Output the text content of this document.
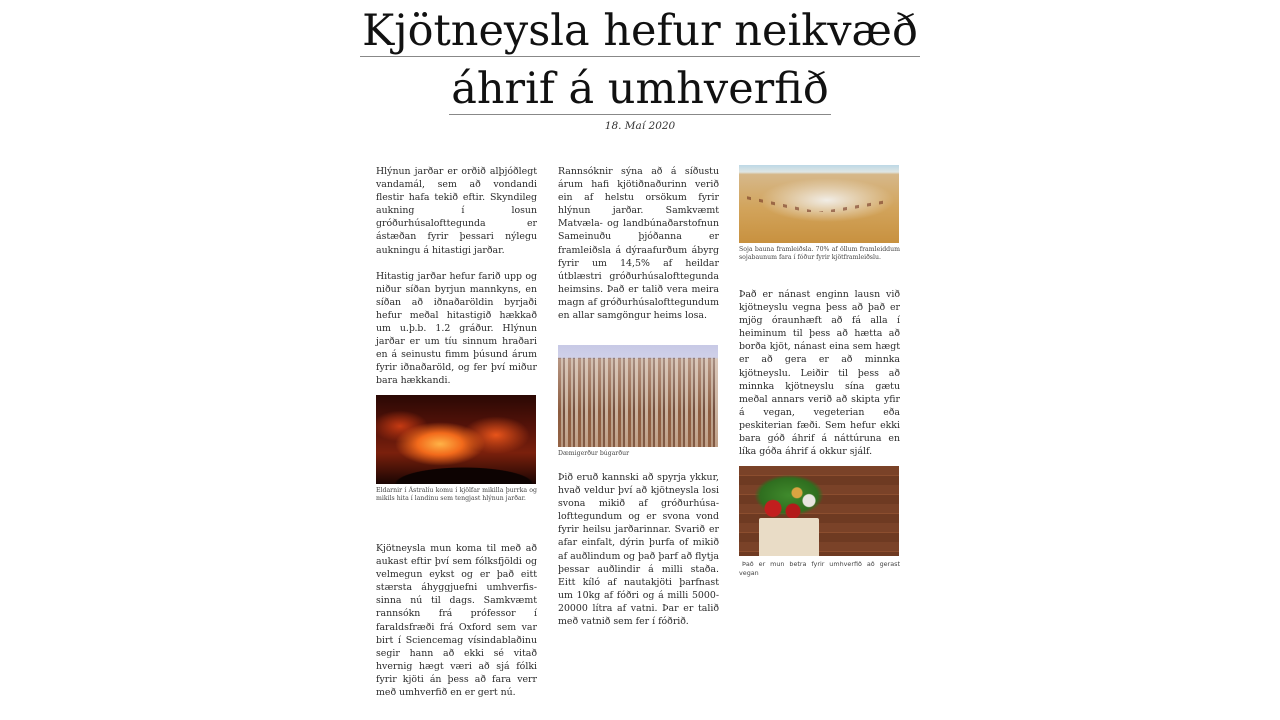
Kjötneysla hefur neikvæð
áhrif á umhverfið
18. Maí 2020

Hlýnun jarðar er orðið alþjóðlegt vandamál, sem að vondandi flestir hafa tekið eftir. Skyndileg aukning í losun gróðurhúsalofttegunda er ástæðan fyrir þessari nýlegu aukningu á hitastigi jarðar.

Hitastig jarðar hefur farið upp og niður síðan byrjun mannkyns, en síðan að iðnaðaröldin byrjaði hefur meðal hitastigið hækkað um u.þ.b. 1.2 gráður. Hlýnun jarðar er um tíu sinnum hraðari en á seinustu fimm þúsund árum fyrir iðnaðaröld, og fer því miður bara hækkandi.

Eldarnir í Ástralíu komu í kjölfar mikilla þurrka og mikils hita í landinu sem tengjast hlýnun jarðar.

Kjötneysla mun koma til með að aukast eftir því sem fólksfjöldi og velmegun eykst og er það eitt stærsta áhyggjuefni umhverfis-sinna nú til dags. Samkvæmt rannsókn frá prófessor í faraldsfræði frá Oxford sem var birt í Sciencemag vísindablaðinu segir hann að ekki sé vitað hvernig hægt væri að sjá fólki fyrir kjöti án þess að fara verr með umhverfið en er gert nú.

Rannsóknir sýna að á síðustu árum hafi kjötiðnaðurinn verið ein af helstu orsökum fyrir hlýnun jarðar. Samkvæmt Matvæla- og landbúnaðarstofnun Sameinuðu þjóðanna er framleiðsla á dýraafurðum ábyrg fyrir um 14,5% af heildar útblæstri gróðurhúsalofttegunda heimsins. Það er talið vera meira magn af gróðurhúsalofttegundum en allar samgöngur heims losa.

Dæmigerður búgarður

Þið eruð kannski að spyrja ykkur, hvað veldur því að kjötneysla losi svona mikið af gróðurhúsa-lofttegundum og er svona vond fyrir heilsu jarðarinnar. Svarið er afar einfalt, dýrin þurfa of mikið af auðlindum og það þarf að flytja þessar auðlindir á milli staða. Eitt kíló af nautakjöti þarfnast um 10kg af fóðri og á milli 5000-20000 lítra af vatni. Þar er talið með vatnið sem fer í fóðrið.

Soja bauna framleiðsla. 70% af öllum framleiddum sojabaunum fara í fóður fyrir kjötframleiðslu.

Það er nánast enginn lausn við kjötneyslu vegna þess að það er mjög óraunhæft að fá alla í heiminum til þess að hætta að borða kjöt, nánast eina sem hægt er að gera er að minnka kjötneyslu. Leiðir til þess að minnka kjötneyslu sína gætu meðal annars verið að skipta yfir á vegan, vegeterian eða peskiterian fæði. Sem hefur ekki bara góð áhrif á náttúruna en líka góða áhrif á okkur sjálf.

Það er mun betra fyrir umhverfið að gerast vegan
